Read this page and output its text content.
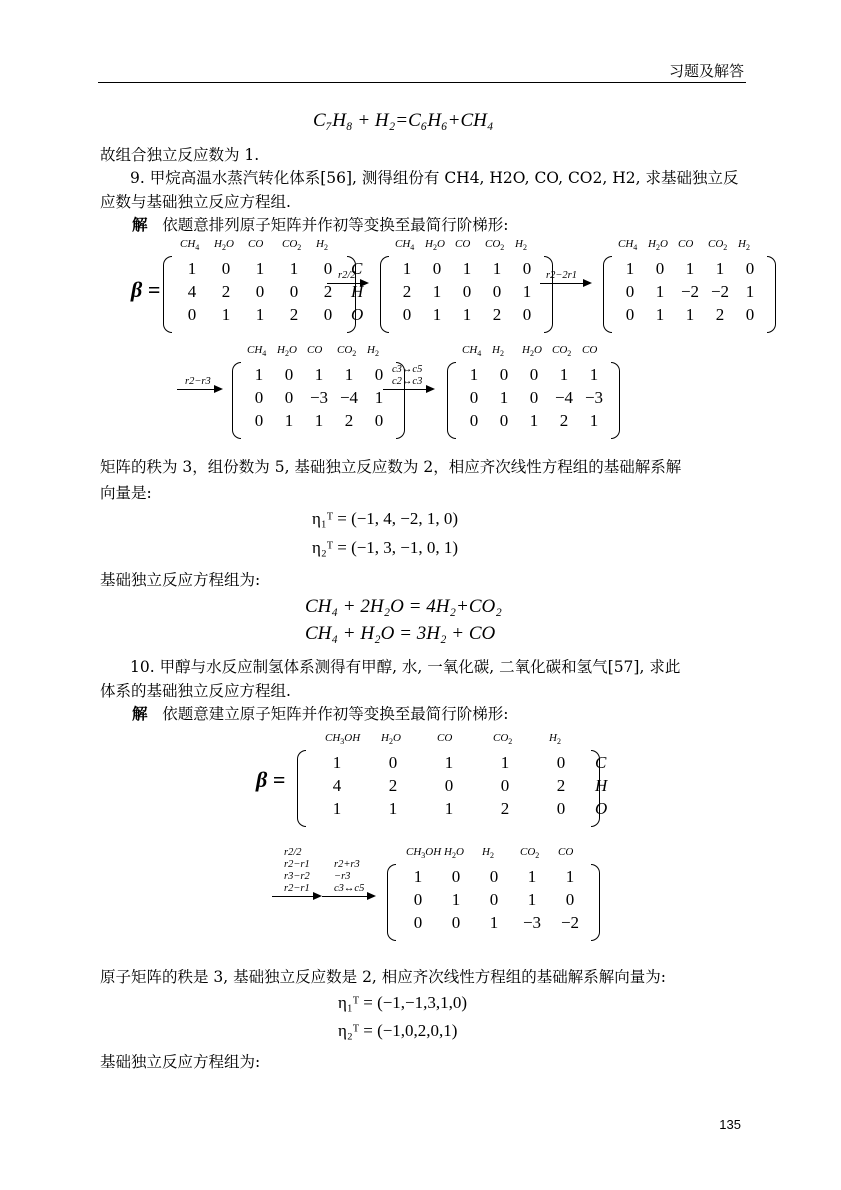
习题及解答
C₇H₈ + H₂=C₆H₆+CH₄
故组合独立反应数为 1.
9. 甲烷高温水蒸汽转化体系[56], 测得组份有 CH4, H2O, CO, CO2, H2, 求基础独立反
应数与基础独立反应方程组.
解 依题意排列原子矩阵并作初等变换至最简行阶梯形:
β =
$CH_4$ $H_2O$ CO $CO_2$ $H_2$
1	0	1	1	0	C
4	2	0	0	2	H
0	1	1	2	0	O
$CH_4$ $H_2O$ CO $CO_2$ $H_2$
1	0	1	1	0
2	1	0	0	1
0	1	1	2	0
$CH_4$ $H_2O$ CO $CO_2$ $H_2$
1	0	1	1	0
0	1 −2 −2 1
0	1	1	2	0
r2/2	r2−2r1
r2−r3
$CH_4$ $H_2O$ CO $CO_2$ $H_2$
1	0	1	1	0
0	0 −3 −4 1
0	1	1	2	0
c3↔c5
c2↔c3
$CH_4$ $H_2$ $H_2O$ $CO_2$ CO
1	0	0	1	1
0	1	0 −4 −3
0	0	1	2	1
矩阵的秩为 3，组份数为 5, 基础独立反应数为 2，相应齐次线性方程组的基础解系解
向量是:
η₁ᵀ = (−1, 4, −2, 1, 0)
η₂ᵀ = (−1, 3, −1, 0, 1)
基础独立反应方程组为:
CH₄ + 2H₂O = 4H₂+CO₂
CH₄ + H₂O = 3H₂ + CO
10. 甲醇与水反应制氢体系测得有甲醇, 水, 一氧化碳, 二氧化碳和氢气[57], 求此
体系的基础独立反应方程组.
解 依题意建立原子矩阵并作初等变换至最简行阶梯形:
β =
$CH_3OH$ $H_2O$	CO	$CO_2$	$H_2$
1	0	1	1	0	C
4	2	0	0	2	H
1	1	1	2	0	O
r2/2
r2−r1
r3−r2
r2−r1
r2+r3
−r3
c3↔c5
$CH_3OH$ $H_2O$ $H_2$ $CO_2$ CO
1	0	0	1	1
0	1	0	1	0
0	0	1	−3 −2
原子矩阵的秩是 3, 基础独立反应数是 2, 相应齐次线性方程组的基础解系解向量为:
η₁ᵀ = (−1,−1,3,1,0)
η₂ᵀ = (−1,0,2,0,1)
基础独立反应方程组为:
135
